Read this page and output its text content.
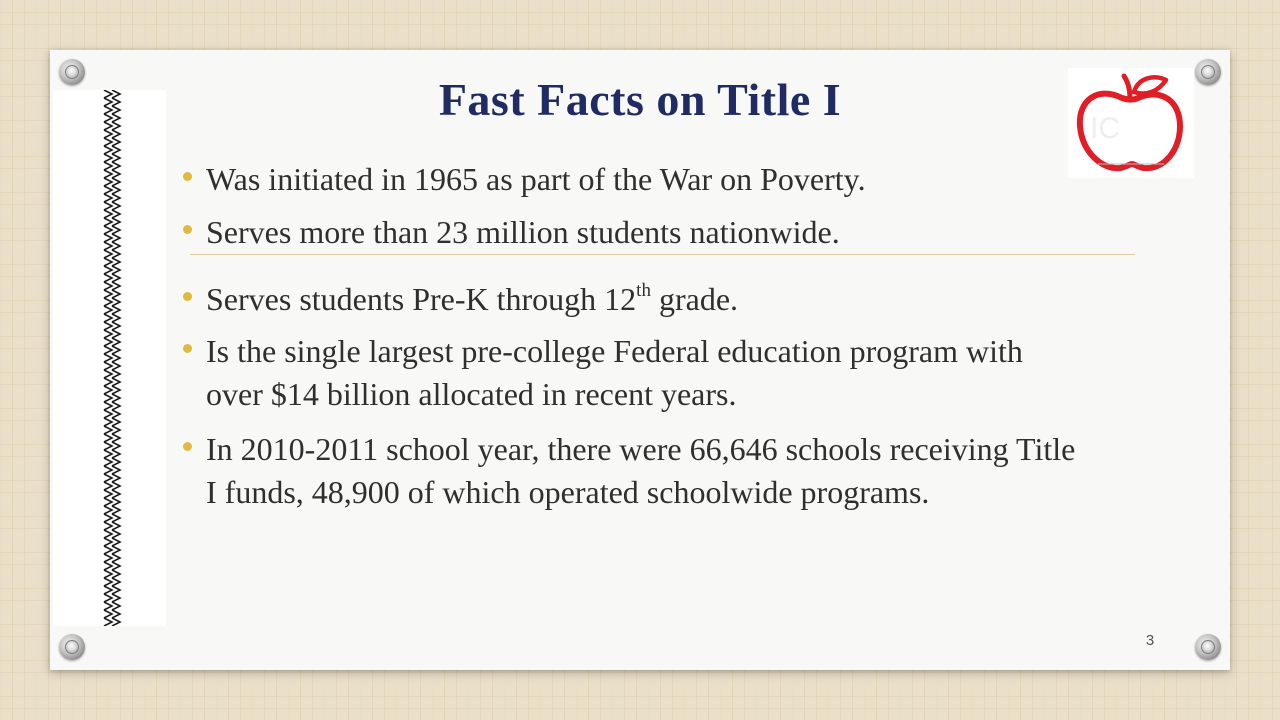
Fast Facts on Title I
IC
Was initiated in 1965 as part of the War on Poverty.
Serves more than 23 million students nationwide.
Serves students Pre-K through 12th grade.
Is the single largest pre-college Federal education program with over $14 billion allocated in recent years.
In 2010-2011 school year, there were 66,646 schools receiving Title I funds, 48,900 of which operated schoolwide programs.
3
